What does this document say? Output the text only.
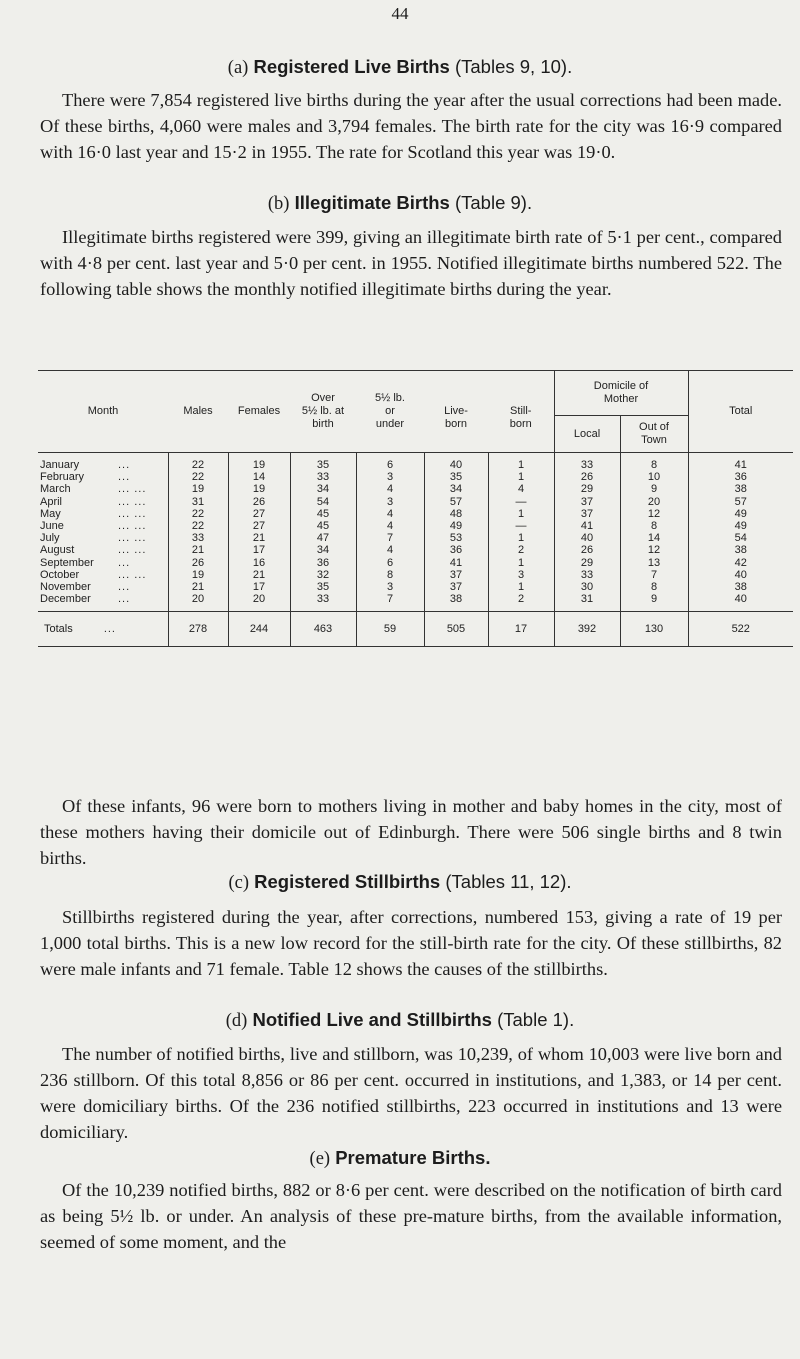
44
(a) Registered Live Births (Tables 9, 10).

There were 7,854 registered live births during the year after the usual corrections had been made. Of these births, 4,060 were males and 3,794 females. The birth rate for the city was 16·9 compared with 16·0 last year and 15·2 in 1955. The rate for Scotland this year was 19·0.

(b) Illegitimate Births (Table 9).

Illegitimate births registered were 399, giving an illegitimate birth rate of 5·1 per cent., compared with 4·8 per cent. last year and 5·0 per cent. in 1955. Notified illegitimate births numbered 522. The following table shows the monthly notified illegitimate births during the year.

Month	Males	Females	Over
5½ lb. at
birth	5½ lb.
or
under	Live-
born	Still-
born	Domicile of
Mother		Total
							Local	Out of
Town	
January ...	22	19	35	6	40	1	33	8	41
February ...	22	14	33	3	35	1	26	10	36
March ... ...	19	19	34	4	34	4	29	9	38
April ... ...	31	26	54	3	57	—	37	20	57
May ... ...	22	27	45	4	48	1	37	12	49
June ... ...	22	27	45	4	49	—	41	8	49
July ... ...	33	21	47	7	53	1	40	14	54
August ... ...	21	17	34	4	36	2	26	12	38
September ...	26	16	36	6	41	1	29	13	42
October ... ...	19	21	32	8	37	3	33	7	40
November ...	21	17	35	3	37	1	30	8	38
December ...	20	20	33	7	38	2	31	9	40
Totals ...	278	244	463	59	505	17	392	130	522

Of these infants, 96 were born to mothers living in mother and baby homes in the city, most of these mothers having their domicile out of Edinburgh. There were 506 single births and 8 twin births.

(c) Registered Stillbirths (Tables 11, 12).

Stillbirths registered during the year, after corrections, numbered 153, giving a rate of 19 per 1,000 total births. This is a new low record for the still-birth rate for the city. Of these stillbirths, 82 were male infants and 71 female. Table 12 shows the causes of the stillbirths.

(d) Notified Live and Stillbirths (Table 1).

The number of notified births, live and stillborn, was 10,239, of whom 10,003 were live born and 236 stillborn. Of this total 8,856 or 86 per cent. occurred in institutions, and 1,383, or 14 per cent. were domiciliary births. Of the 236 notified stillbirths, 223 occurred in institutions and 13 were domiciliary.

(e) Premature Births.

Of the 10,239 notified births, 882 or 8·6 per cent. were described on the notification of birth card as being 5½ lb. or under. An analysis of these pre-mature births, from the available information, seemed of some moment, and the
